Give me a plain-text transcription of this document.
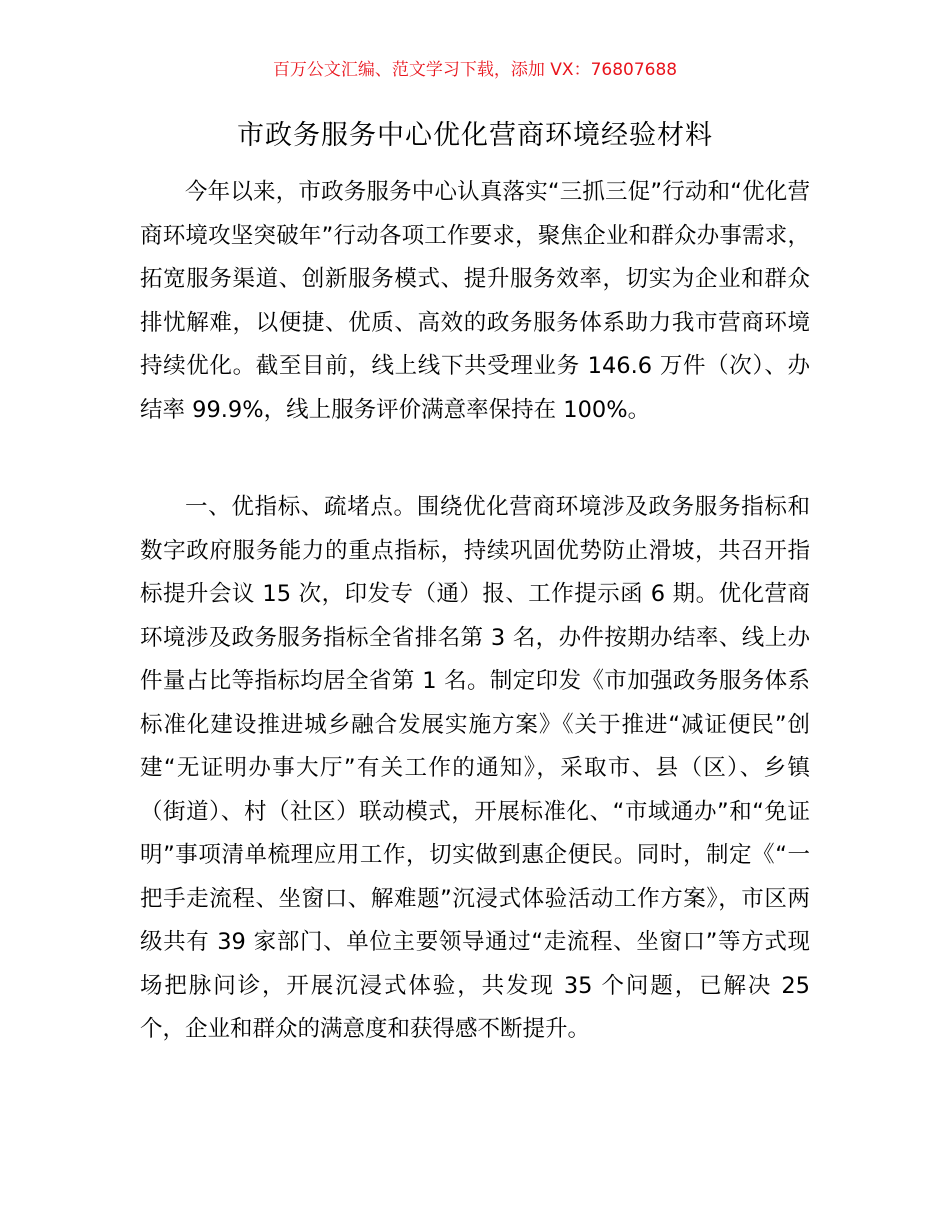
百万公文汇编、范文学习下载，添加 VX：76807688
市政务服务中心优化营商环境经验材料

今年以来，市政务服务中心认真落实“三抓三促”行动和“优化营商环境攻坚突破年”行动各项工作要求，聚焦企业和群众办事需求，拓宽服务渠道、创新服务模式、提升服务效率，切实为企业和群众排忧解难，以便捷、优质、高效的政务服务体系助力我市营商环境持续优化。截至目前，线上线下共受理业务 146.6 万件（次）、办结率 99.9%，线上服务评价满意率保持在 100%。

一、优指标、疏堵点。围绕优化营商环境涉及政务服务指标和数字政府服务能力的重点指标，持续巩固优势防止滑坡，共召开指标提升会议 15 次，印发专（通）报、工作提示函 6 期。优化营商环境涉及政务服务指标全省排名第 3 名，办件按期办结率、线上办件量占比等指标均居全省第 1 名。制定印发《市加强政务服务体系标准化建设推进城乡融合发展实施方案》《关于推进“减证便民”创建“无证明办事大厅”有关工作的通知》，采取市、县（区）、乡镇（街道）、村（社区）联动模式，开展标准化、“市域通办”和“免证明”事项清单梳理应用工作，切实做到惠企便民。同时，制定《“一把手走流程、坐窗口、解难题”沉浸式体验活动工作方案》，市区两级共有 39 家部门、单位主要领导通过“走流程、坐窗口”等方式现场把脉问诊，开展沉浸式体验，共发现 35 个问题，已解决 25 个，企业和群众的满意度和获得感不断提升。
